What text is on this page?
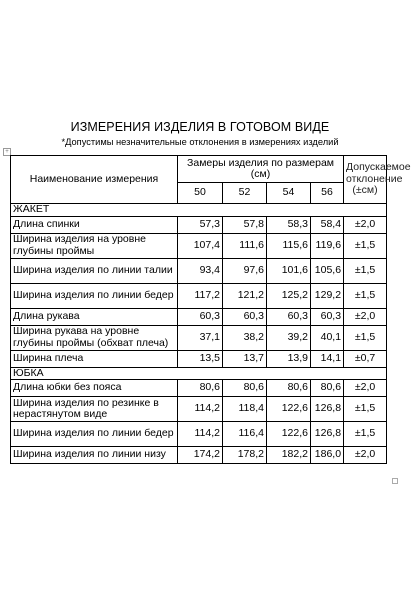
ИЗМЕРЕНИЯ ИЗДЕЛИЯ В ГОТОВОМ ВИДЕ
*Допустимы незначительные отклонения в измерениях изделий
+
Наименование измерения	Замеры изделия по размерам (см)				Допускаемое отклонение (±см)
	50	52	54	56	
ЖАКЕТ					
Длина спинки	57,3	57,8	58,3	58,4	±2,0
Ширина изделия на уровне глубины проймы	107,4	111,6	115,6	119,6	±1,5
Ширина изделия по линии талии	93,4	97,6	101,6	105,6	±1,5
Ширина изделия по линии бедер	117,2	121,2	125,2	129,2	±1,5
Длина рукава	60,3	60,3	60,3	60,3	±2,0
Ширина рукава на уровне глубины проймы (обхват плеча)	37,1	38,2	39,2	40,1	±1,5
Ширина плеча	13,5	13,7	13,9	14,1	±0,7
ЮБКА					
Длина юбки без пояса	80,6	80,6	80,6	80,6	±2,0
Ширина изделия по резинке в нерастянутом виде	114,2	118,4	122,6	126,8	±1,5
Ширина изделия по линии бедер	114,2	116,4	122,6	126,8	±1,5
Ширина изделия по линии низу	174,2	178,2	182,2	186,0	±2,0
